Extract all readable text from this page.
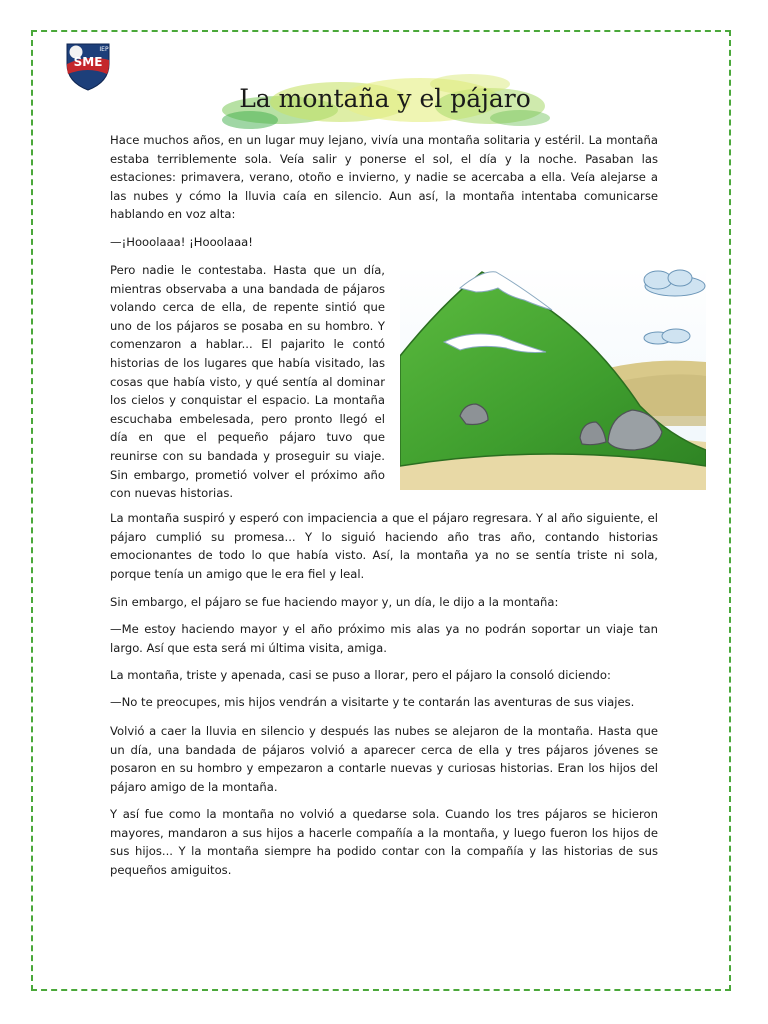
SME
IEP
La montaña y el pájaro

Hace muchos años, en un lugar muy lejano, vivía una montaña solitaria y estéril. La montaña estaba terriblemente sola. Veía salir y ponerse el sol, el día y la noche. Pasaban las estaciones: primavera, verano, otoño e invierno, y nadie se acercaba a ella. Veía alejarse a las nubes y cómo la lluvia caía en silencio. Aun así, la montaña intentaba comunicarse hablando en voz alta:

—¡Hooolaaa! ¡Hooolaaa!

Pero nadie le contestaba. Hasta que un día, mientras observaba a una bandada de pájaros volando cerca de ella, de repente sintió que uno de los pájaros se posaba en su hombro. Y comenzaron a hablar... El pajarito le contó historias de los lugares que había visitado, las cosas que había visto, y qué sentía al dominar los cielos y conquistar el espacio. La montaña escuchaba embelesada, pero pronto llegó el día en que el pequeño pájaro tuvo que reunirse con su bandada y proseguir su viaje. Sin embargo, prometió volver el próximo año con nuevas historias.

La montaña suspiró y esperó con impaciencia a que el pájaro regresara. Y al año siguiente, el pájaro cumplió su promesa... Y lo siguió haciendo año tras año, contando historias emocionantes de todo lo que había visto. Así, la montaña ya no se sentía triste ni sola, porque tenía un amigo que le era fiel y leal.

Sin embargo, el pájaro se fue haciendo mayor y, un día, le dijo a la montaña:

—Me estoy haciendo mayor y el año próximo mis alas ya no podrán soportar un viaje tan largo. Así que esta será mi última visita, amiga.

La montaña, triste y apenada, casi se puso a llorar, pero el pájaro la consoló diciendo:

—No te preocupes, mis hijos vendrán a visitarte y te contarán las aventuras de sus viajes.

Volvió a caer la lluvia en silencio y después las nubes se alejaron de la montaña. Hasta que un día, una bandada de pájaros volvió a aparecer cerca de ella y tres pájaros jóvenes se posaron en su hombro y empezaron a contarle nuevas y curiosas historias. Eran los hijos del pájaro amigo de la montaña.

Y así fue como la montaña no volvió a quedarse sola. Cuando los tres pájaros se hicieron mayores, mandaron a sus hijos a hacerle compañía a la montaña, y luego fueron los hijos de sus hijos... Y la montaña siempre ha podido contar con la compañía y las historias de sus pequeños amiguitos.
